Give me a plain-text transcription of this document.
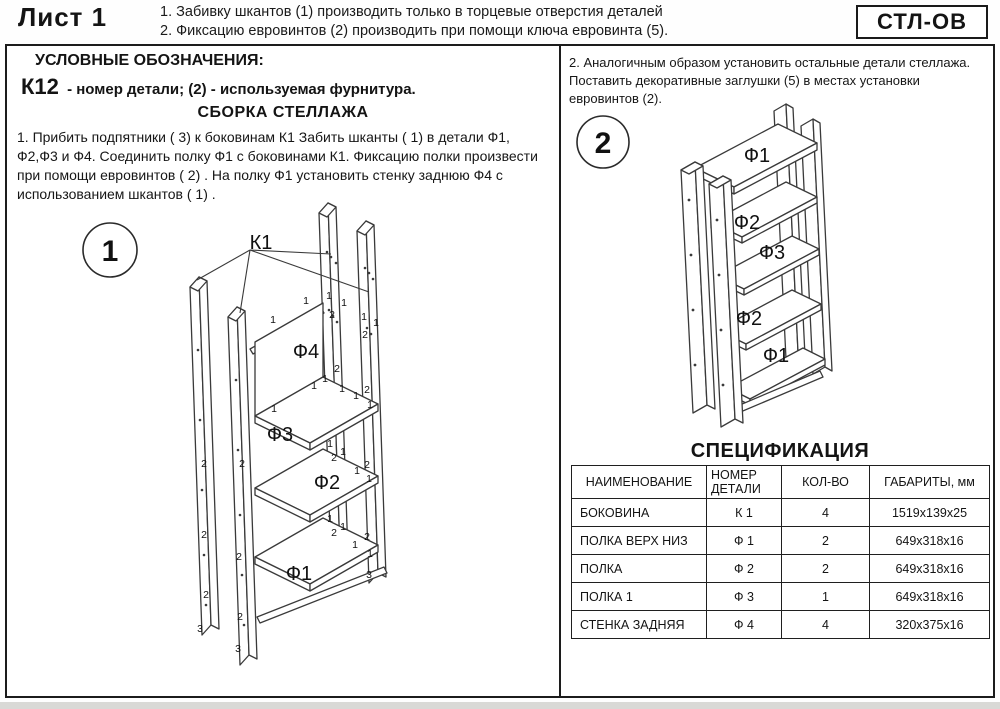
Лист 1	1. Забивку шкантов (1) производить только в торцевые отверстия деталей
2. Фиксацию евровинтов (2) производить при помощи ключа евровинта (5).	СТЛ-ОВ
УСЛОВНЫЕ ОБОЗНАЧЕНИЯ:
К12 - номер детали; (2) - используемая фурнитура.
СБОРКА СТЕЛЛАЖА
1. Прибить подпятники ( 3) к боковинам К1 Забить шканты ( 1) в детали Ф1, Ф2,Ф3 и Ф4. Соединить полку Ф1 с боковинами К1. Фиксацию полки произвести при помощи евровинтов ( 2) . На полку Ф1 установить стенку заднюю Ф4 с использованием шкантов ( 1) .
1	К1
Ф4
Ф3
Ф2
Ф1
1
1 1
1
2 1 1
2
2
1
1 1 2
1
1
1
2	2
1
1
2
2
1
1
2
2
1
1
2	2
1
1
3
2
2
3
3
2. Аналогичным образом установить остальные детали стеллажа. Поставить декоративные заглушки (5) в местах установки евровинтов (2).
2	Ф1
Ф2
Ф3
Ф2
Ф1
СПЕЦИФИКАЦИЯ
НАИМЕНОВАНИЕ	НОМЕР ДЕТАЛИ	КОЛ-ВО	ГАБАРИТЫ, мм
БОКОВИНА	К 1	4	1519х139х25
ПОЛКА ВЕРХ НИЗ	Ф 1	2	649х318х16
ПОЛКА	Ф 2	2	649х318х16
ПОЛКА 1	Ф 3	1	649х318х16
СТЕНКА ЗАДНЯЯ	Ф 4	4	320х375х16
